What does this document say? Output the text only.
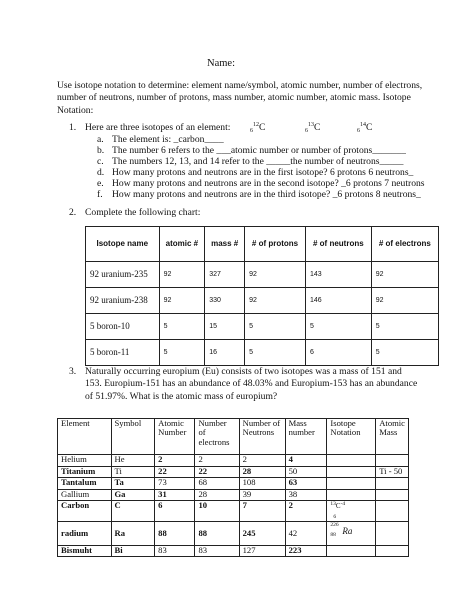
Name:
Use isotope notation to determine: element name/symbol, atomic number, number of electrons, number of neutrons, number of protons, mass number, atomic number, atomic mass. Isotope Notation:
1. Here are three isotopes of an element:	$_6^{12}$C	$_6^{13}$C	$_6^{14}$C
a. The element is: _carbon____
b. The number 6 refers to the ___atomic number or number of protons_______
c. The numbers 12, 13, and 14 refer to the _____the number of neutrons_____
d. How many protons and neutrons are in the first isotope? 6 protons 6 neutrons_
e. How many protons and neutrons are in the second isotope? _6 protons 7 neutrons
f. How many protons and neutrons are in the third isotope? _6 protons 8 neutrons_
2. Complete the following chart:
Isotope name	atomic #	mass #	# of protons	# of neutrons	# of electrons
92 uranium-235	92	327	92	143	92
92 uranium-238	92	330	92	146	92
5 boron-10	5	15	5	5	5
5 boron-11	5	16	5	6	5
3. Naturally occurring europium (Eu) consists of two isotopes was a mass of 151 and 153. Europium-151 has an abundance of 48.03% and Europium-153 has an abundance of 51.97%. What is the atomic mass of europium?
Element	Symbol	Atomic Number	Number of electrons	Number of Neutrons	Mass number	Isotope Notation	Atomic Mass
Helium	He	2	2	2	4		
Titanium	Ti	22	22	28	50		Ti - 50
Tantalum	Ta	73	68	108	63		
Gallium	Ga	31	28	39	38		
Carbon	C	6	10	7	2	$^{13}C^{-4}$
6	
radium	Ra	88	88	245	42	226
88 Ra	

Bismuht	Bi	83	83	127	223		
